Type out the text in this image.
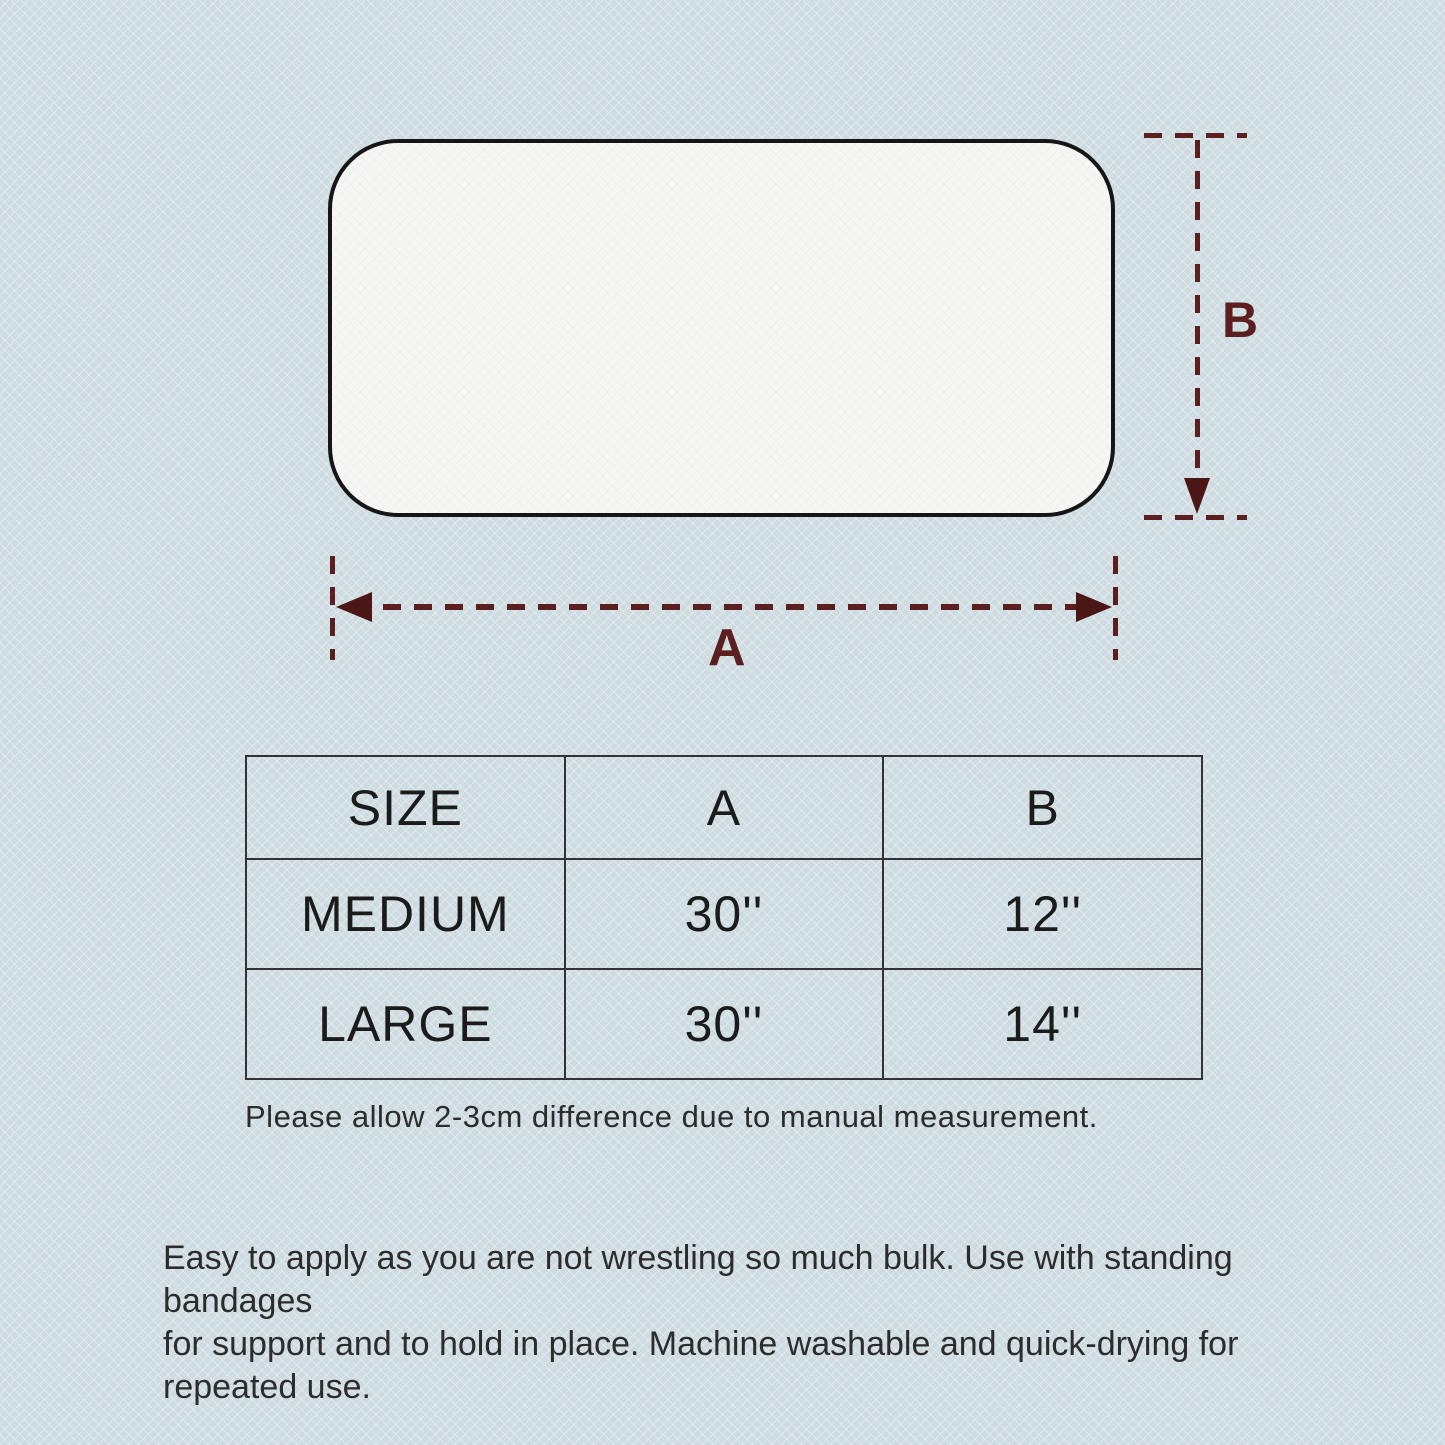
B
A
SIZE	A	B
MEDIUM	30''	12''
LARGE	30''	14''
Please allow 2-3cm difference due to manual measurement.
Easy to apply as you are not wrestling so much bulk. Use with standing bandages
for support and to hold in place. Machine washable and quick-drying for
repeated use.
